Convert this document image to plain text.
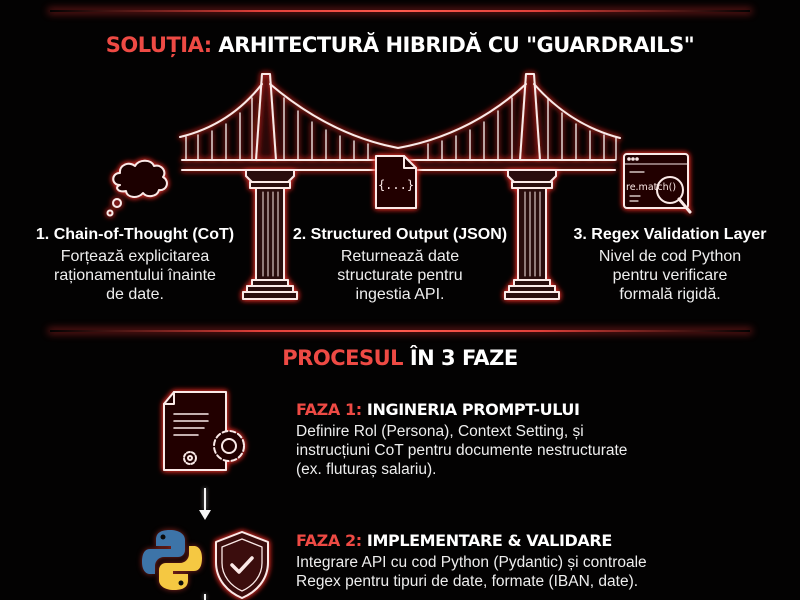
SOLUȚIA: ARHITECTURĂ HIBRIDĂ CU "GUARDRAILS"
{...}	re.match()
1. Chain-of-Thought (CoT)
Forțează explicitarea
raționamentului înainte
de date.
2. Structured Output (JSON)
Returnează date
structurate pentru
ingestia API.
3. Regex Validation Layer
Nivel de cod Python
pentru verificare
formală rigidă.
PROCESUL ÎN 3 FAZE
FAZA 1: INGINERIA PROMPT-ULUI
Definire Rol (Persona), Context Setting, și
instrucțiuni CoT pentru documente nestructurate
(ex. fluturaș salariu).
FAZA 2: IMPLEMENTARE & VALIDARE
Integrare API cu cod Python (Pydantic) și controale
Regex pentru tipuri de date, formate (IBAN, date).
